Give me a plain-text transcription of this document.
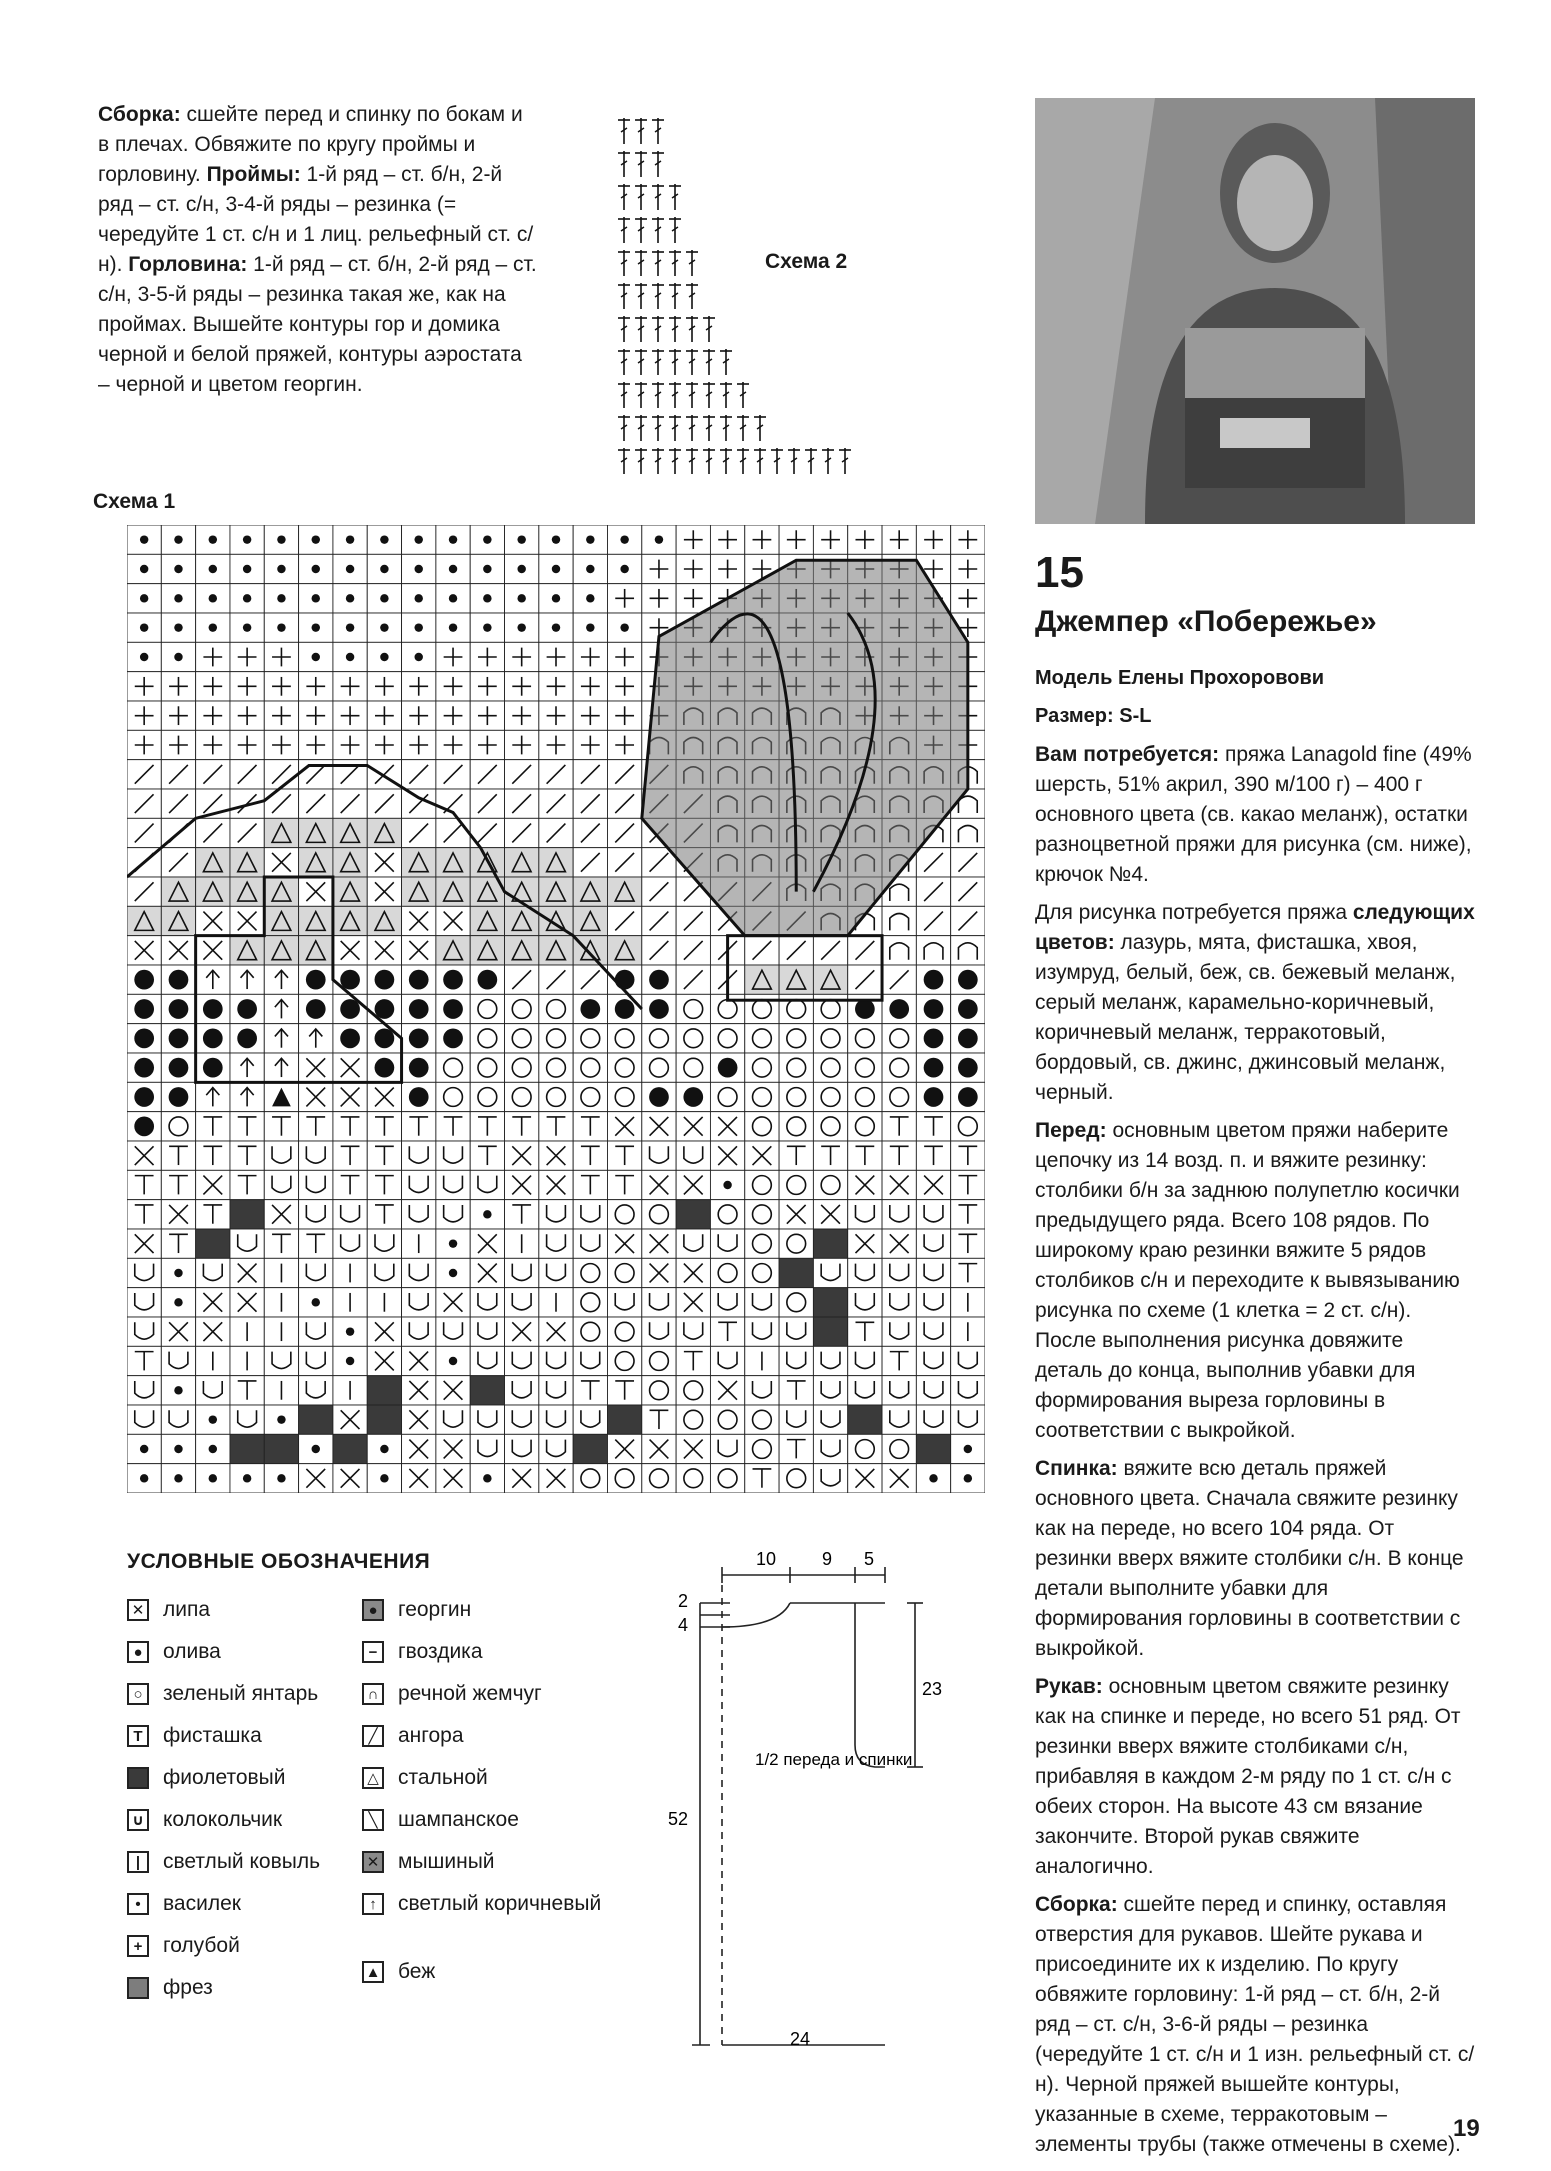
Сборка: сшейте перед и спинку по бокам и в плечах. Обвяжите по кругу проймы и горловину. Проймы: 1-й ряд – ст. б/н, 2-й ряд – ст. с/н, 3-4-й ряды – резинка (= чередуйте 1 ст. с/н и 1 лиц. рельефный ст. с/н). Горловина: 1-й ряд – ст. б/н, 2-й ряд – ст. с/н, 3-5-й ряды – резинка такая же, как на проймах. Вышейте контуры гор и домика черной и белой пряжей, контуры аэростата – черной и цветом георгин.

Схема 2
Схема 1
УСЛОВНЫЕ ОБОЗНАЧЕНИЯ
✕ липа
● олива
○ зеленый янтарь
T фисташка
фиолетовый
∪ колокольчик
|	светлый ковыль
•	василек
+ голубой
фрез
● георгин
− гвоздика
∩ речной жемчуг
╱ ангора
△ стальной
╲ шампанское
✕ мышиный
↑	светлый коричневый
▲ беж
10	9 5
2
4
23
52
24
1/2 переда и спинки
15
Джемпер «Побережье»
Модель Елены Прохоровови
Размер: S-L

Вам потребуется: пряжа Lanagold fine (49% шерсть, 51% акрил, 390 м/100 г) – 400 г основного цвета (св. какао меланж), остатки разноцветной пряжи для рисунка (см. ниже), крючок №4.

Для рисунка потребуется пряжа следующих цветов: лазурь, мята, фисташка, хвоя, изумруд, белый, беж, св. бежевый меланж, серый меланж, карамельно-коричневый, коричневый меланж, терракотовый, бордовый, св. джинс, джинсовый меланж, черный.

Перед: основным цветом пряжи наберите цепочку из 14 возд. п. и вяжите резинку: столбики б/н за заднюю полупетлю косички предыдущего ряда. Всего 108 рядов. По широкому краю резинки вяжите 5 рядов столбиков с/н и переходите к вывязыванию рисунка по схеме (1 клетка = 2 ст. с/н). После выполнения рисунка довяжите деталь до конца, выполнив убавки для формирования выреза горловины в соответствии с выкройкой.

Спинка: вяжите всю деталь пряжей основного цвета. Сначала свяжите резинку как на переде, но всего 104 ряда. От резинки вверх вяжите столбики с/н. В конце детали выполните убавки для формирования горловины в соответствии с выкройкой.

Рукав: основным цветом свяжите резинку как на спинке и переде, но всего 51 ряд. От резинки вверх вяжите столбиками с/н, прибавляя в каждом 2-м ряду по 1 ст. с/н с обеих сторон. На высоте 43 см вязание закончите. Второй рукав свяжите аналогично.

Сборка: сшейте перед и спинку, оставляя отверстия для рукавов. Шейте рукава и присоедините их к изделию. По кругу обвяжите горловину: 1-й ряд – ст. б/н, 2-й ряд – ст. с/н, 3-6-й ряды – резинка (чередуйте 1 ст. с/н и 1 изн. рельефный ст. с/н). Черной пряжей вышейте контуры, указанные в схеме, терракотовым – элементы трубы (также отмечены в схеме).

19
